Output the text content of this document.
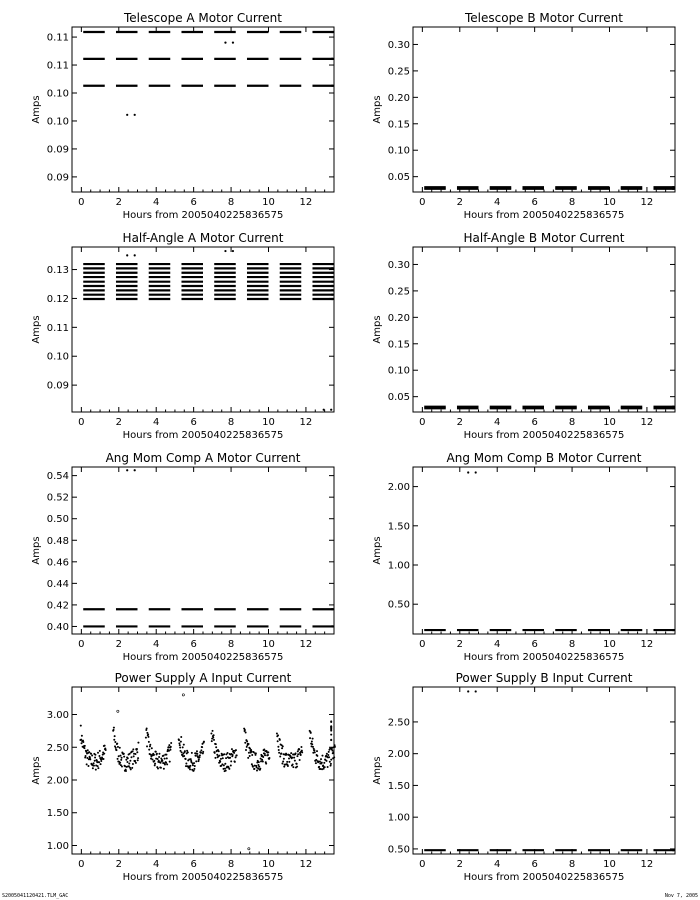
Telescope A Motor Current
0	2	4	6	8	10 12
0.09
0.09
0.10
0.10
0.11
0.11
Hours from 2005040225836575
Amps
Telescope B Motor Current
0	2	4	6	8	10 12
0.05
0.10
0.15
0.20
0.25
0.30
Hours from 2005040225836575
Amps
Half-Angle A Motor Current
0	2	4	6	8	10 12
0.09
0.10
0.11
0.12
0.13
Hours from 2005040225836575
Amps
Half-Angle B Motor Current
0	2	4	6	8	10 12
0.05
0.10
0.15
0.20
0.25
0.30
Hours from 2005040225836575
Amps
Ang Mom Comp A Motor Current
0	2	4	6	8	10 12
0.40
0.42
0.44
0.46
0.48
0.50
0.52
0.54
Hours from 2005040225836575
Amps
Ang Mom Comp B Motor Current
0	2	4	6	8	10 12
0.50
1.00
1.50
2.00
Hours from 2005040225836575
Amps
Power Supply A Input Current
0	2	4	6	8	10 12
1.00
1.50
2.00
2.50
3.00
Hours from 2005040225836575
Amps
Power Supply B Input Current
0	2	4	6	8	10 12
0.50
1.00
1.50
2.00
2.50
Hours from 2005040225836575
Amps
S2005041120421.TLM_GAC	Nov 7, 2005
